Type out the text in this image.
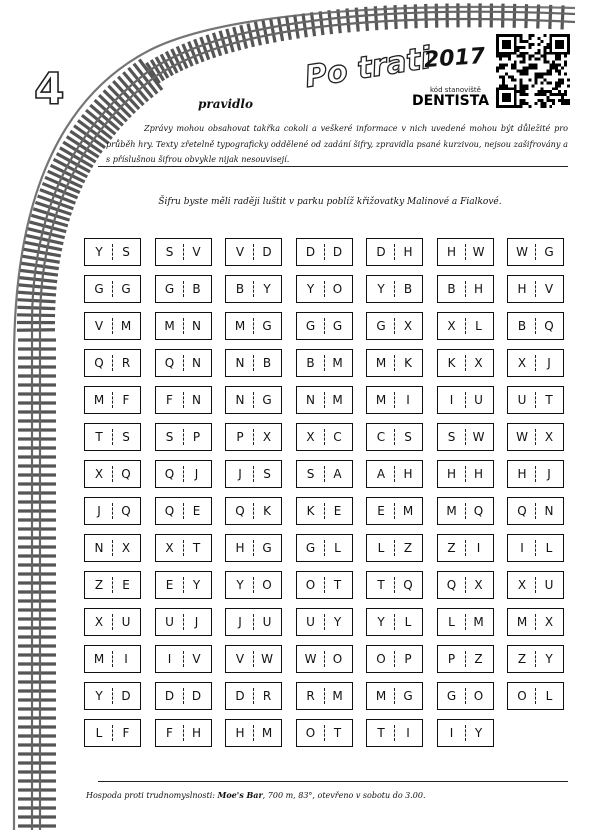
4	Po trati
2017
kód stanoviště
DENTISTA
pravidlo
Zprávy mohou obsahovat takřka cokoli a veškeré informace v nich uvedené mohou být důležité pro průběh hry. Texty zřetelně typograficky oddělené od zadání šifry, zpravidla psané kurzivou, nejsou zašifrovány a s příslušnou šifrou obvykle nijak nesouvisejí.
Šifru byste měli raději luštit v parku poblíž křižovatky Malinové a Fialkové.
Y	S	S	V	V	D	D	D	D	H	H	W	W	G
G	G	G	B	B	Y	Y	O	Y	B	B	H	H	V
V	M	M	N	M	G	G	G	G	X	X	L	B	Q
Q	R	Q	N	N	B	B	M	M	K	K	X	X	J
M	F	F	N	N	G	N	M	M	I	I	U	U	T
T	S	S	P	P	X	X	C	C	S	S	W	W	X
X	Q	Q	J	J	S	S	A	A	H	H	H	H	J
J	Q	Q	E	Q	K	K	E	E	M	M	Q	Q	N
N	X	X	T	H	G	G	L	L	Z	Z	I	I	L
Z	E	E	Y	Y	O	O	T	T	Q	Q	X	X	U
X	U	U	J	J	U	U	Y	Y	L	L	M	M	X
M	I	I	V	V	W	W	O	O	P	P	Z	Z	Y
Y	D	D	D	D	R	R	M	M	G	G	O	O	L
L	F	F	H	H	M	O	T	T	I	I	Y
Hospoda proti trudnomyslnosti: Moe's Bar, 700 m, 83°, otevřeno v sobotu do 3.00.
